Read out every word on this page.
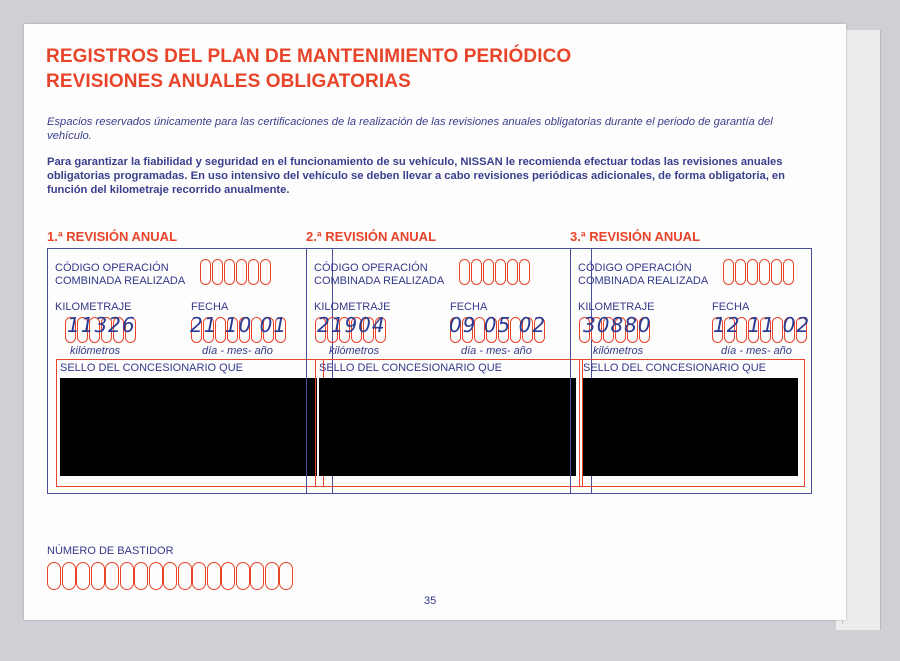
REGISTROS DEL PLAN DE MANTENIMIENTO PERIÓDICO
REVISIONES ANUALES OBLIGATORIAS
Espacios reservados únicamente para las certificaciones de la realización de las revisiones anuales obligatorias durante el periodo de garantía del vehículo.
Para garantizar la fiabilidad y seguridad en el funcionamiento de su vehículo, NISSAN le recomienda efectuar todas las revisiones anuales obligatorias programadas. En uso intensivo del vehículo se deben llevar a cabo revisiones periódicas adicionales, de forma obligatoria, en función del kilometraje recorrido anualmente.
1.ª REVISIÓN ANUAL
CÓDIGO OPERACIÓN
COMBINADA REALIZADA
KILOMETRAJE	FECHA
11326	21 10 01
kilómetros	día - mes- año
SELLO DEL CONCESIONARIO QUE
2.ª REVISIÓN ANUAL
CÓDIGO OPERACIÓN
COMBINADA REALIZADA
KILOMETRAJE	FECHA
21904	09 05 02
kilómetros	día - mes- año
SELLO DEL CONCESIONARIO QUE
3.ª REVISIÓN ANUAL
CÓDIGO OPERACIÓN
COMBINADA REALIZADA
KILOMETRAJE	FECHA
30880	12 11 02
kilómetros	día - mes- año
SELLO DEL CONCESIONARIO QUE
NÚMERO DE BASTIDOR
35
